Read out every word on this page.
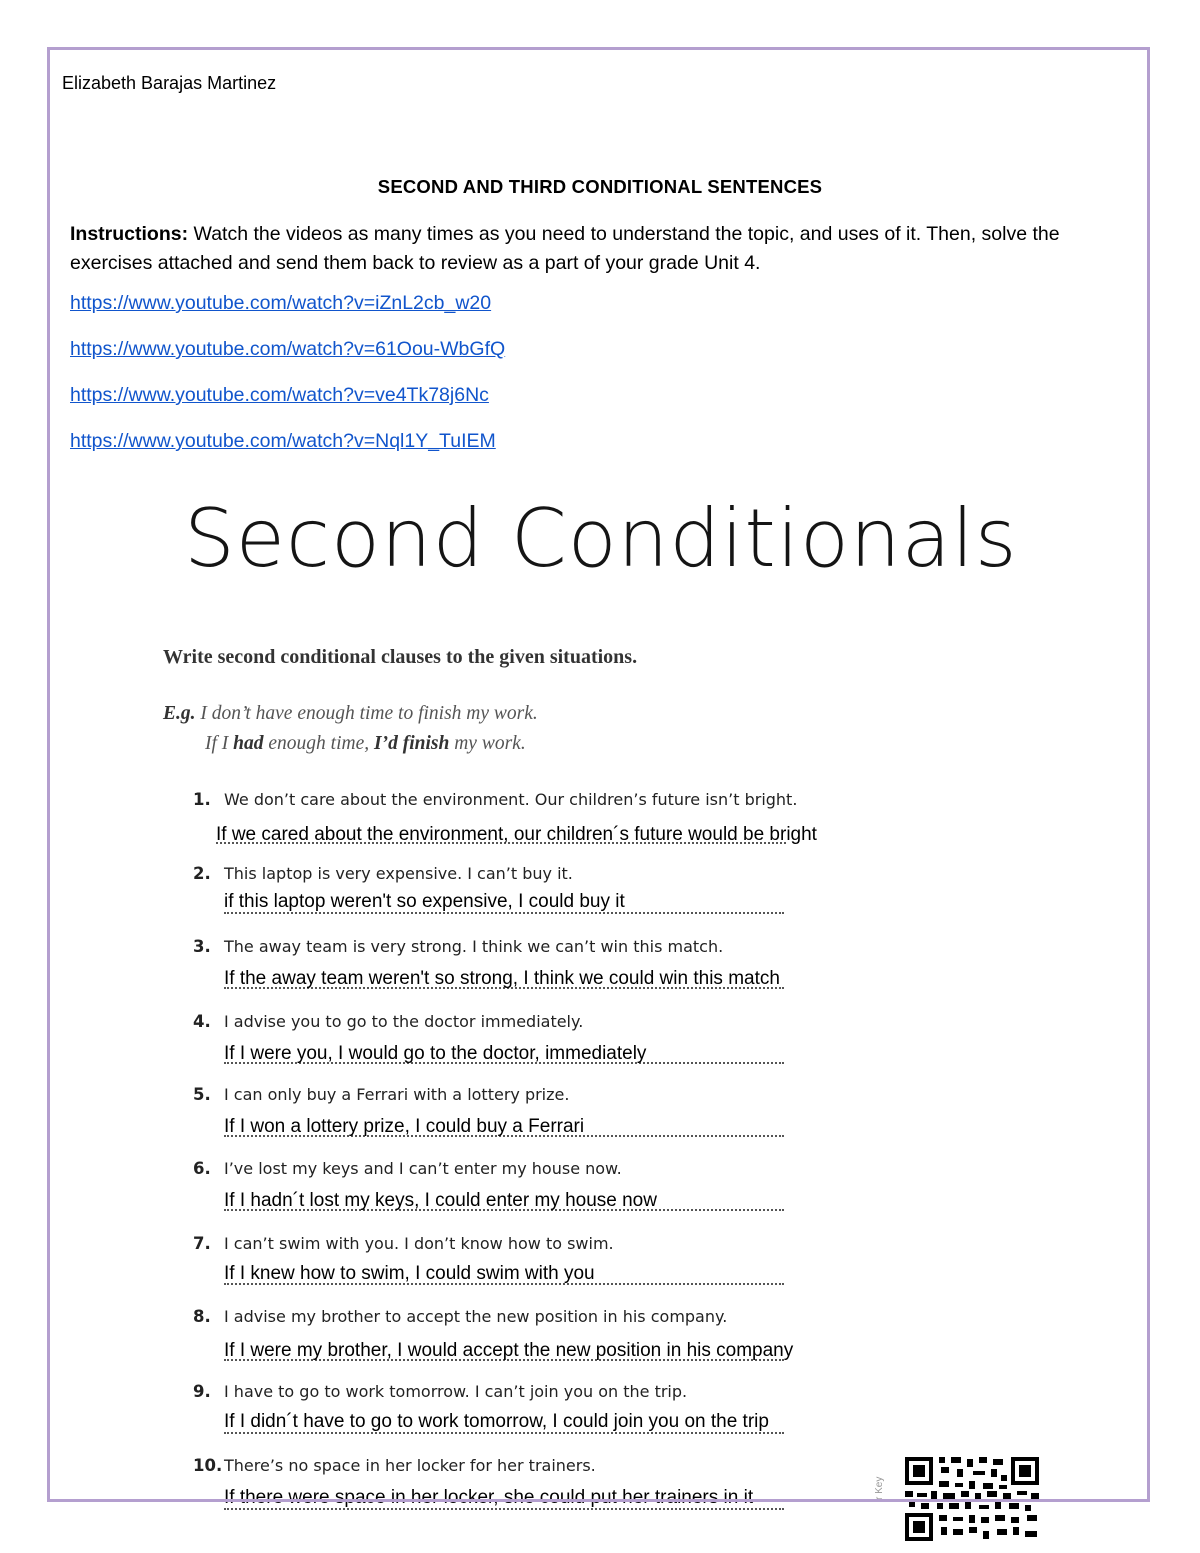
Elizabeth Barajas Martinez
SECOND AND THIRD CONDITIONAL SENTENCES
Instructions: Watch the videos as many times as you need to understand the topic, and uses of it. Then, solve the exercises attached and send them back to review as a part of your grade Unit 4.
https://www.youtube.com/watch?v=iZnL2cb_w20
https://www.youtube.com/watch?v=61Oou-WbGfQ
https://www.youtube.com/watch?v=ve4Tk78j6Nc
https://www.youtube.com/watch?v=Nql1Y_TuIEM
Second Conditionals
Write second conditional clauses to the given situations.
E.g. I don’t have enough time to finish my work.
If I had enough time, I’d finish my work.
1. We don’t care about the environment. Our children’s future isn’t bright.
If we cared about the environment, our children´s future would be bright
2. This laptop is very expensive. I can’t buy it.
if this laptop weren't so expensive, I could buy it
3. The away team is very strong. I think we can’t win this match.
If the away team weren't so strong, I think we could win this match
4. I advise you to go to the doctor immediately.
If I were you, I would go to the doctor, immediately
5. I can only buy a Ferrari with a lottery prize.
If I won a lottery prize, I could buy a Ferrari
6. I’ve lost my keys and I can’t enter my house now.
If I hadn´t lost my keys, I could enter my house now
7. I can’t swim with you. I don’t know how to swim.
If I knew how to swim, I could swim with you
8. I advise my brother to accept the new position in his company.
If I were my brother, I would accept the new position in his company
9. I have to go to work tomorrow. I can’t join you on the trip.
If I didn´t have to go to work tomorrow, I could join you on the trip
10. There’s no space in her locker for her trainers.
If there were space in her locker, she could put her trainers in it	r Key
